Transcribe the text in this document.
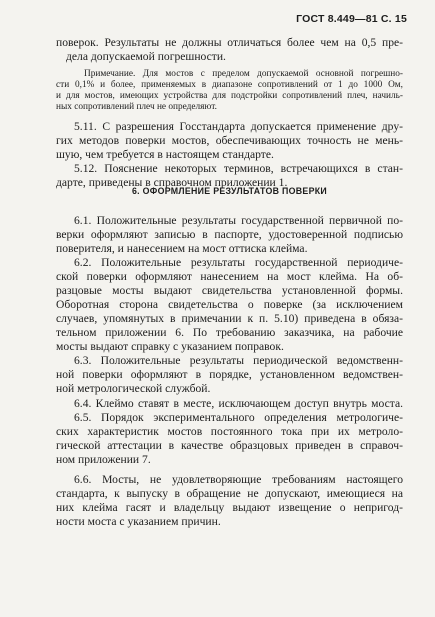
ГОСТ 8.449—81 С. 15
поверок. Результаты не должны отличаться более чем на 0,5 пре-
дела допускаемой погрешности.
Примечание. Для мостов с пределом допускаемой основной погрешно-
сти 0,1% и более, применяемых в диапазоне сопротивлений от 1 до 1000 Ом,
и для мостов, имеющих устройства для подстройки сопротивлений плеч, начиль-
ных сопротивлений плеч не определяют.
5.11. С разрешения Госстандарта допускается применение дру-
гих методов поверки мостов, обеспечивающих точность не мень-
шую, чем требуется в настоящем стандарте.
5.12. Пояснение некоторых терминов, встречающихся в стан-
дарте, приведены в справочном приложении 1.
6. ОФОРМЛЕНИЕ РЕЗУЛЬТАТОВ ПОВЕРКИ
6.1. Положительные результаты государственной первичной по-
верки оформляют записью в паспорте, удостоверенной подписью
поверителя, и нанесением на мост оттиска клейма.
6.2. Положительные результаты государственной периодиче-
ской поверки оформляют нанесением на мост клейма. На об-
разцовые мосты выдают свидетельства установленной формы.
Оборотная сторона свидетельства о поверке (за исключением
случаев, упомянутых в примечании к п. 5.10) приведена в обяза-
тельном приложении 6. По требованию заказчика, на рабочие
мосты выдают справку с указанием поправок.
6.3. Положительные результаты периодической ведомственн-
ной поверки оформляют в порядке, установленном ведомствен-
ной метрологической службой.
6.4. Клеймо ставят в месте, исключающем доступ внутрь моста.
6.5. Порядок экспериментального определения метрологиче-
ских характеристик мостов постоянного тока при их метроло-
гической аттестации в качестве образцовых приведен в справоч-
ном приложении 7.
6.6. Мосты, не удовлетворяющие требованиям настоящего
стандарта, к выпуску в обращение не допускают, имеющиеся на
них клейма гасят и владельцу выдают извещение о непригод-
ности моста с указанием причин.
